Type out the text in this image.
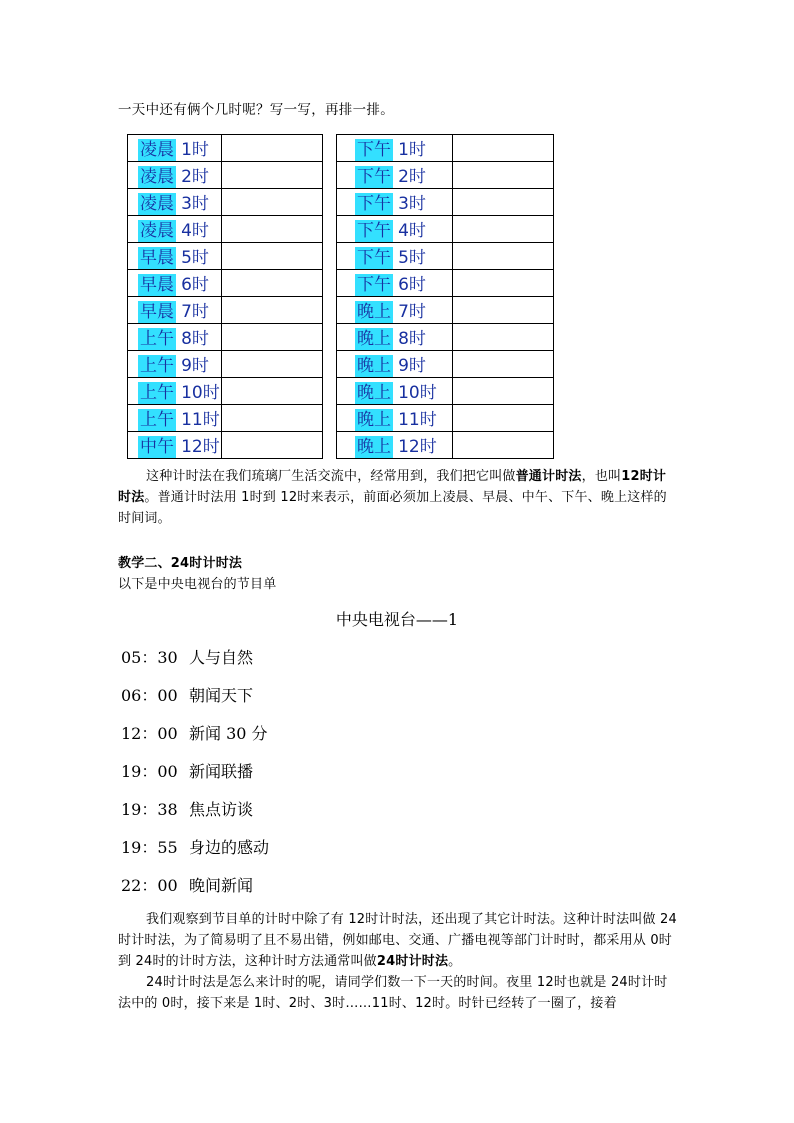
一天中还有俩个几时呢？写一写，再排一排。
凌晨 1时	
凌晨 2时	
凌晨 3时	
凌晨 4时	
早晨 5时	
早晨 6时	
早晨 7时	
上午 8时	
上午 9时	
上午 10时	
上午 11时	
中午 12时	
下午 1时	
下午 2时	
下午 3时	
下午 4时	
下午 5时	
下午 6时	
晚上 7时	
晚上 8时	
晚上 9时	
晚上 10时	
晚上 11时	
晚上 12时	
这种计时法在我们琉璃厂生活交流中，经常用到，我们把它叫做普通计时法，也叫12时计时法。普通计时法用 1时到 12时来表示，前面必须加上凌晨、早晨、中午、下午、晚上这样的时间词。
教学二、24时计时法
以下是中央电视台的节目单
中央电视台——1
05：30 人与自然
06：00 朝闻天下
12：00 新闻 30 分
19：00 新闻联播
19：38 焦点访谈
19：55 身边的感动
22：00 晚间新闻
我们观察到节目单的计时中除了有 12时计时法，还出现了其它计时法。这种计时法叫做 24时计时法，为了简易明了且不易出错，例如邮电、交通、广播电视等部门计时时，都采用从 0时到 24时的计时方法，这种计时方法通常叫做24时计时法。
24时计时法是怎么来计时的呢，请同学们数一下一天的时间。夜里 12时也就是 24时计时法中的 0时，接下来是 1时、2时、3时……11时、12时。时针已经转了一圈了，接着
